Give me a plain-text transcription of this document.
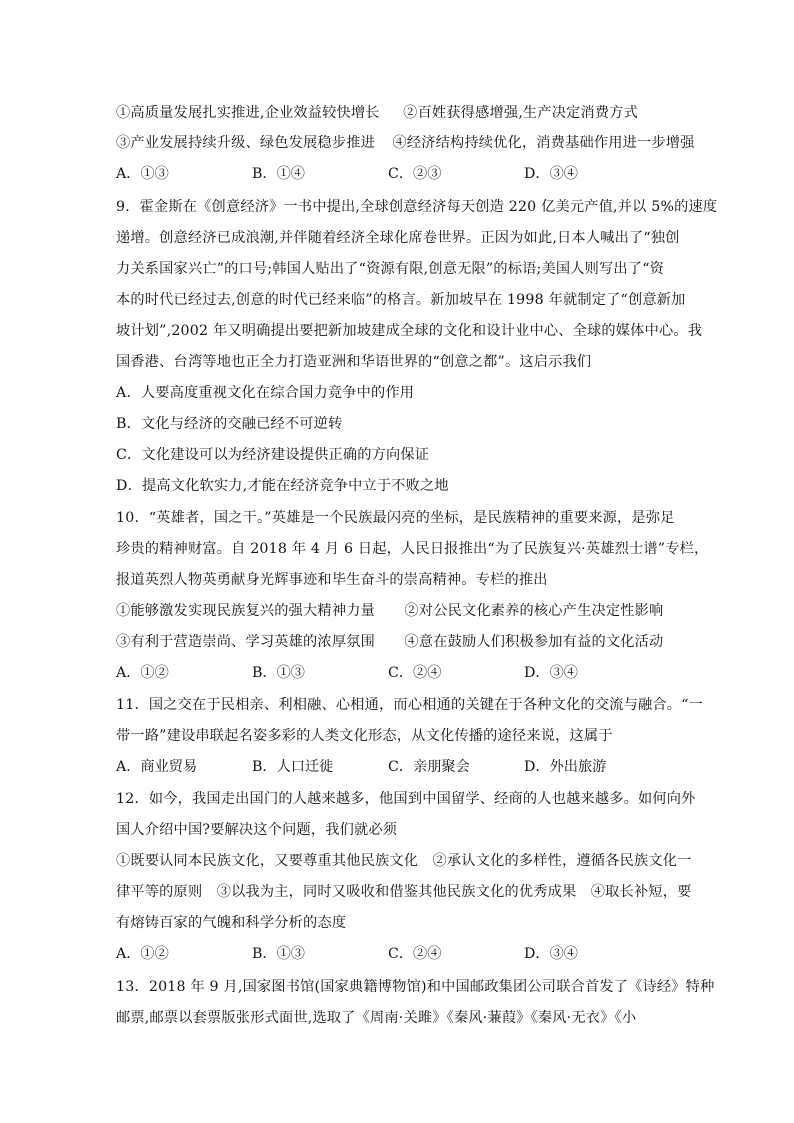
①高质量发展扎实推进,企业效益较快增长 ②百姓获得感增强,生产决定消费方式
③产业发展持续升级、绿色发展稳步推进 ④经济结构持续优化，消费基础作用进一步增强
A．①③	B．①④	C．②③	D．③④
9．霍金斯在《创意经济》一书中提出,全球创意经济每天创造 220 亿美元产值,并以 5%的速度
递增。创意经济已成浪潮,并伴随着经济全球化席卷世界。正因为如此,日本人喊出了“独创
力关系国家兴亡”的口号;韩国人贴出了“资源有限,创意无限”的标语;美国人则写出了“资
本的时代已经过去,创意的时代已经来临”的格言。新加坡早在 1998 年就制定了“创意新加
坡计划”,2002 年又明确提出要把新加坡建成全球的文化和设计业中心、全球的媒体中心。我
国香港、台湾等地也正全力打造亚洲和华语世界的“创意之都”。这启示我们
A．人要高度重视文化在综合国力竞争中的作用
B．文化与经济的交融已经不可逆转
C．文化建设可以为经济建设提供正确的方向保证
D．提高文化软实力,才能在经济竞争中立于不败之地
10．“英雄者，国之干。”英雄是一个民族最闪亮的坐标，是民族精神的重要来源，是弥足
珍贵的精神财富。自 2018 年 4 月 6 日起，人民日报推出“为了民族复兴·英雄烈士谱”专栏，
报道英烈人物英勇献身光辉事迹和毕生奋斗的崇高精神。专栏的推出
①能够激发实现民族复兴的强大精神力量 ②对公民文化素养的核心产生决定性影响
③有利于营造崇尚、学习英雄的浓厚氛围 ④意在鼓励人们积极参加有益的文化活动
A．①②	B．①③	C．②④	D．③④
11．国之交在于民相亲、利相融、心相通，而心相通的关键在于各种文化的交流与融合。“一
带一路”建设串联起名姿多彩的人类文化形态，从文化传播的途径来说，这属于
A．商业贸易	B．人口迁徙	C．亲朋聚会	D．外出旅游
12．如今，我国走出国门的人越来越多，他国到中国留学、经商的人也越来越多。如何向外
国人介绍中国?要解决这个问题，我们就必须
①既要认同本民族文化，又要尊重其他民族文化　②承认文化的多样性，遵循各民族文化一
律平等的原则　③以我为主，同时又吸收和借鉴其他民族文化的优秀成果　④取长补短，要
有熔铸百家的气魄和科学分析的态度
A．①②	B．①③	C．②④	D．③④
13．2018 年 9 月,国家图书馆(国家典籍博物馆)和中国邮政集团公司联合首发了《诗经》特种
邮票,邮票以套票版张形式面世,选取了《周南·关雎》《秦风·蒹葭》《秦风·无衣》《小
